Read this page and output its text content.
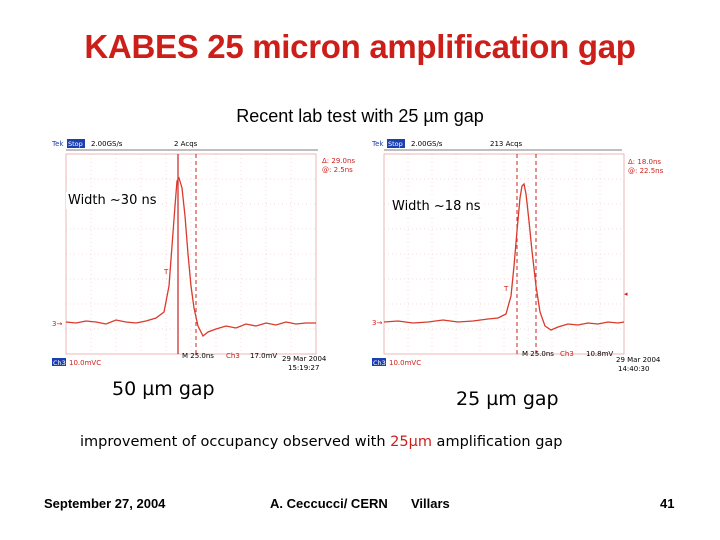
KABES 25 micron amplification gap
Recent lab test with 25 µm gap
Tek Stop 2.00GS/s	2 Acqs
Δ: 29.0ns
@: 2.5ns
3→
T
Ch3 10.0mVC
M 25.0ns Ch3 17.0mV 29 Mar 2004
15:19:27
Width ~30 ns
Tek Stop 2.00GS/s	213 Acqs
Δ: 18.0ns
@: 22.5ns
3→
T
◂
Ch3 10.0mVC
M 25.0ns Ch3 10.8mV
29 Mar 2004
14:40:30
Width ~18 ns
50 µm gap	25 µm gap
improvement of occupancy observed with 25µm amplification gap
September 27, 2004	A. Ceccucci/ CERN Villars	41
